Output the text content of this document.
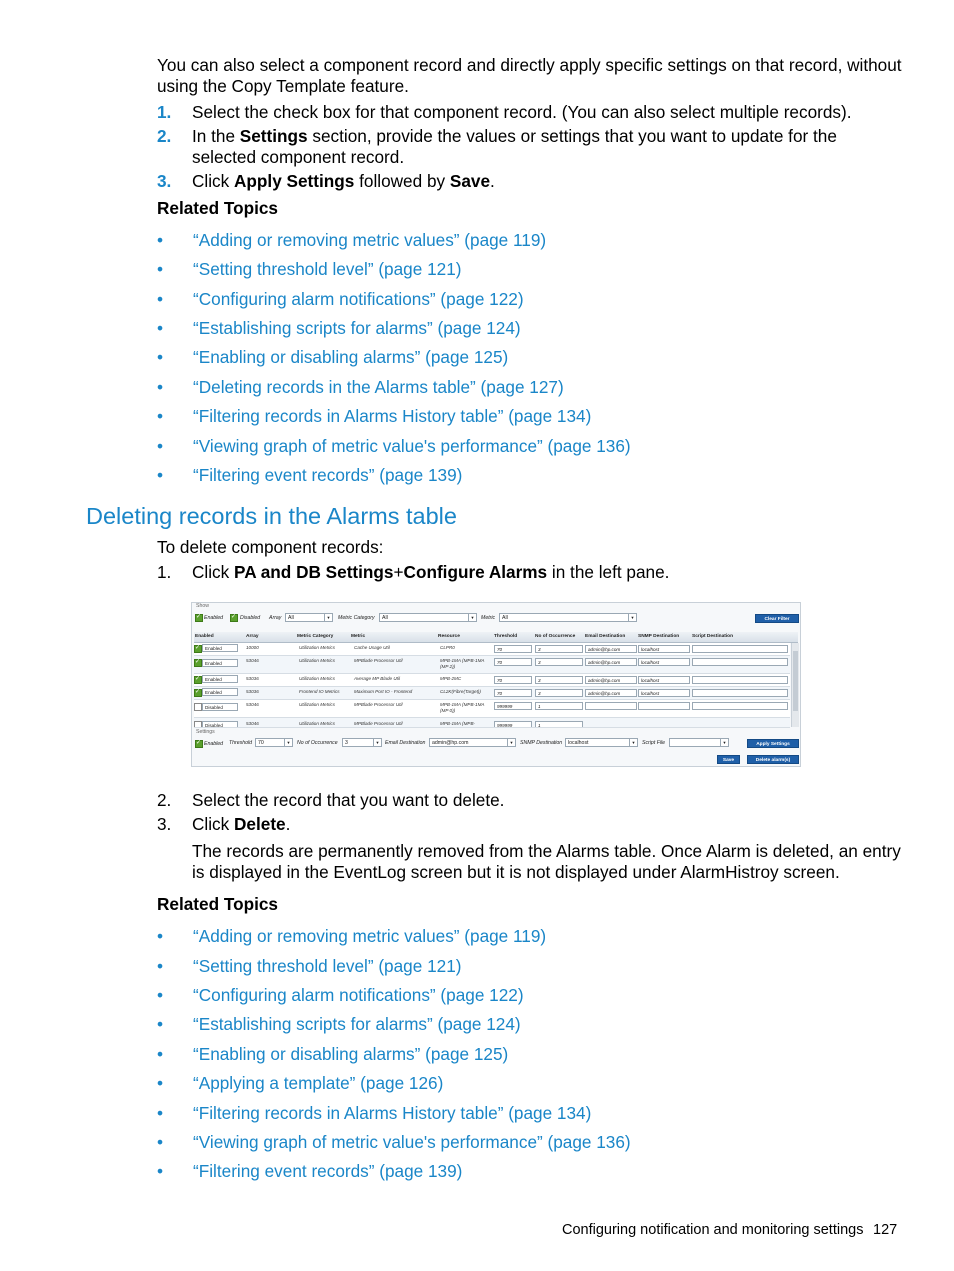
You can also select a component record and directly apply specific settings on that record, without using the Copy Template feature.

1.	Select the check box for that component record. (You can also select multiple records).
2.	In the Settings section, provide the values or settings that you want to update for the selected component record.
3.	Click Apply Settings followed by Save.
Related Topics
• “Adding or removing metric values” (page 119)
• “Setting threshold level” (page 121)
• “Configuring alarm notifications” (page 122)
• “Establishing scripts for alarms” (page 124)
• “Enabling or disabling alarms” (page 125)
• “Deleting records in the Alarms table” (page 127)
• “Filtering records in Alarms History table” (page 134)
• “Viewing graph of metric value's performance” (page 136)
• “Filtering event records” (page 139)
Deleting records in the Alarms table
To delete component records:
1.	Click PA and DB Settings+Configure Alarms in the left pane.
Show
✓
Enabled
✓	Disabled Array	All	▼ Metric Category	All	▼ Metric	All	▼	Clear Filter
Enabled	Array	Metric Category	Metric	Resource	Threshold	No of Occurrence Email Destination	SNMP Destination	Script Destination
✓
Enabled	10000	Utilization Metrics	Cache Usage Util	CLPR0	70	3	admin@hp.com	localhost
✓
Enabled
53046	Utilization Metrics	MPBlade Processor Util	MPB-1MA (MPB-1MA (MP 2))
70	3	admin@hp.com	localhost
✓
Enabled	53036	Utilization Metrics	Average MP Blade Util	MPB-2MC	70	3	admin@hp.com	localhost
✓
Enabled	53036	Frontend IO Metrics	Maximum Port IO - Frontend	CL2K(Fibre(Target))	70	3	admin@hp.com	localhost
Disabled
53046	Utilization Metrics	MPBlade Processor Util	MPB-1MA (MPB-1MA (MP 0))
999999	1
Disabled	53046	Utilization Metrics	MPBlade Processor Util	MPB-1MA (MPB-	999999	1
Settings
✓
Enabled Threshold	70	▼ No of Occurrence	3	▼ Email Destination	admin@hp.com	▼ SNMP Destination	localhost	▼ Script File	▼	Apply Settings
Save	Delete alarm(s)
2.	Select the record that you want to delete.
3.	Click Delete.

The records are permanently removed from the Alarms table. Once Alarm is deleted, an entry is displayed in the EventLog screen but it is not displayed under AlarmHistroy screen.

Related Topics
• “Adding or removing metric values” (page 119)
• “Setting threshold level” (page 121)
• “Configuring alarm notifications” (page 122)
• “Establishing scripts for alarms” (page 124)
• “Enabling or disabling alarms” (page 125)
• “Applying a template” (page 126)
• “Filtering records in Alarms History table” (page 134)
• “Viewing graph of metric value's performance” (page 136)
• “Filtering event records” (page 139)
Configuring notification and monitoring settings 127
